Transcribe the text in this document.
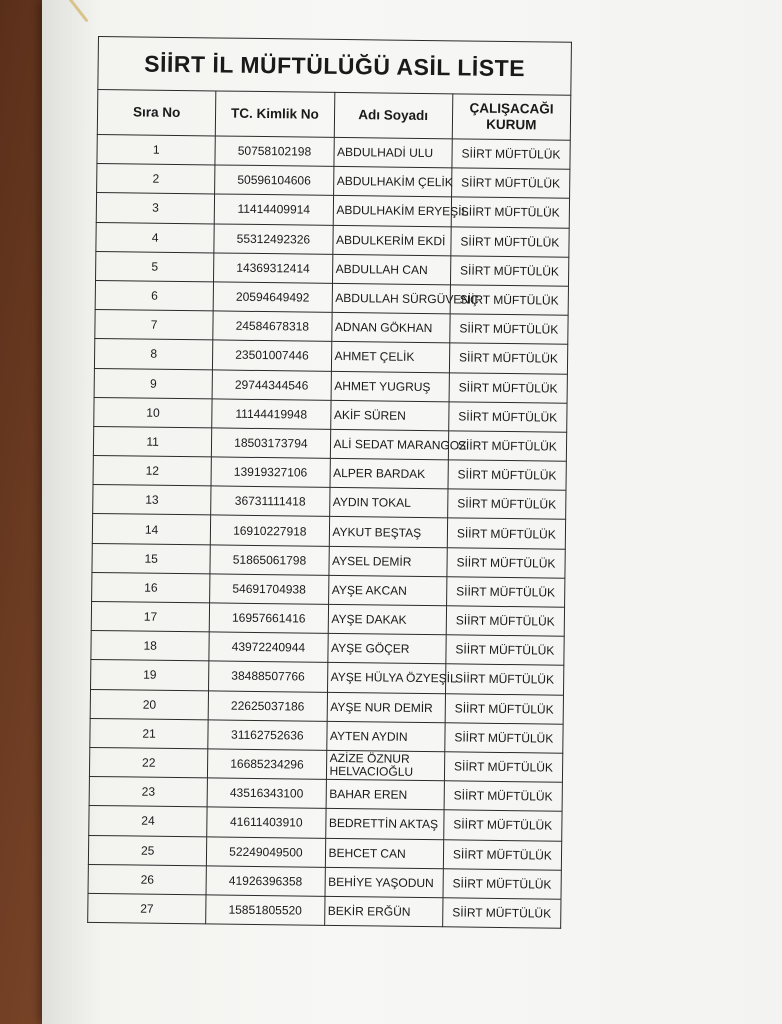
SİİRT İL MÜFTÜLÜĞÜ ASİL LİSTE			
Sıra No	TC. Kimlik No	Adı Soyadı	ÇALIŞACAĞI KURUM
1	50758102198	ABDULHADİ ULU	SİİRT MÜFTÜLÜK
2	50596104606	ABDULHAKİM ÇELİK	SİİRT MÜFTÜLÜK
3	11414409914	ABDULHAKİM ERYEŞİL	SİİRT MÜFTÜLÜK
4	55312492326	ABDULKERİM EKDİ	SİİRT MÜFTÜLÜK
5	14369312414	ABDULLAH CAN	SİİRT MÜFTÜLÜK
6	20594649492	ABDULLAH SÜRGÜVENÇ	SİİRT MÜFTÜLÜK
7	24584678318	ADNAN GÖKHAN	SİİRT MÜFTÜLÜK
8	23501007446	AHMET ÇELİK	SİİRT MÜFTÜLÜK
9	29744344546	AHMET YUGRUŞ	SİİRT MÜFTÜLÜK
10	11144419948	AKİF SÜREN	SİİRT MÜFTÜLÜK
11	18503173794	ALİ SEDAT MARANGOZ	SİİRT MÜFTÜLÜK
12	13919327106	ALPER BARDAK	SİİRT MÜFTÜLÜK
13	36731111418	AYDIN TOKAL	SİİRT MÜFTÜLÜK
14	16910227918	AYKUT BEŞTAŞ	SİİRT MÜFTÜLÜK
15	51865061798	AYSEL DEMİR	SİİRT MÜFTÜLÜK
16	54691704938	AYŞE AKCAN	SİİRT MÜFTÜLÜK
17	16957661416	AYŞE DAKAK	SİİRT MÜFTÜLÜK
18	43972240944	AYŞE GÖÇER	SİİRT MÜFTÜLÜK
19	38488507766	AYŞE HÜLYA ÖZYEŞİL	SİİRT MÜFTÜLÜK
20	22625037186	AYŞE NUR DEMİR	SİİRT MÜFTÜLÜK
21	31162752636	AYTEN AYDIN	SİİRT MÜFTÜLÜK
22	16685234296	AZİZE ÖZNUR HELVACIOĞLU	SİİRT MÜFTÜLÜK
23	43516343100	BAHAR EREN	SİİRT MÜFTÜLÜK
24	41611403910	BEDRETTİN AKTAŞ	SİİRT MÜFTÜLÜK
25	52249049500	BEHCET CAN	SİİRT MÜFTÜLÜK
26	41926396358	BEHİYE YAŞODUN	SİİRT MÜFTÜLÜK
27	15851805520	BEKİR ERĞÜN	SİİRT MÜFTÜLÜK
